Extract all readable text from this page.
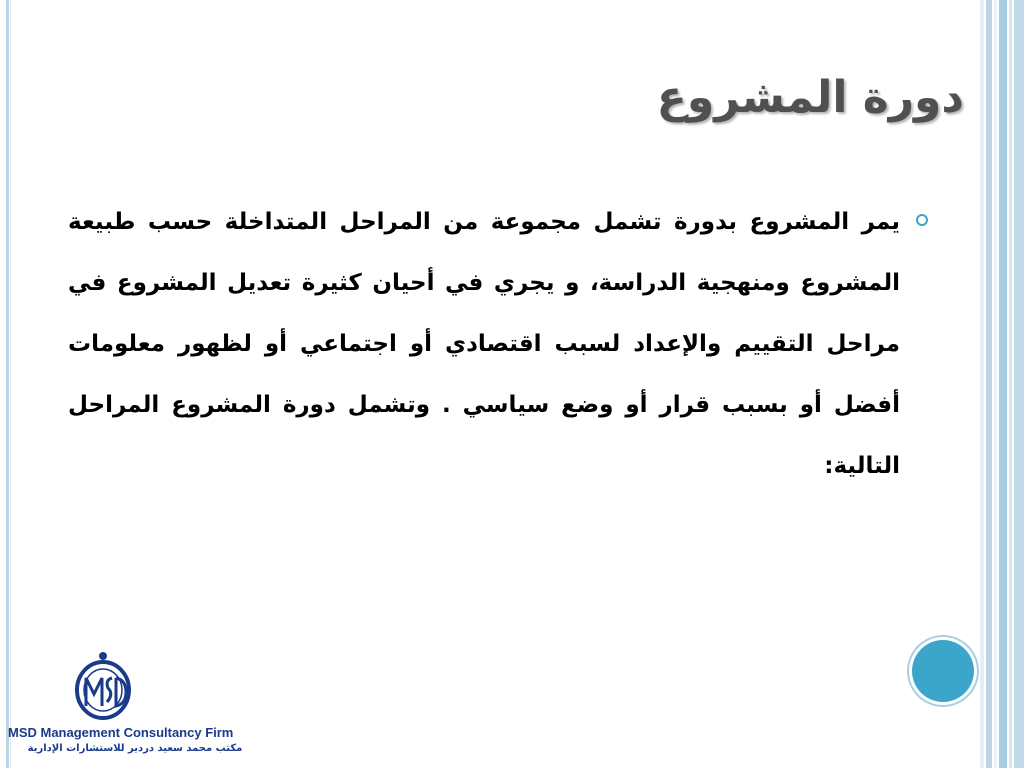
دورة المشروع
يمر المشروع بدورة تشمل مجموعة من المراحل المتداخلة حسب طبيعة المشروع ومنهجية الدراسة، و يجري في أحيان كثيرة تعديل المشروع في مراحل التقييم والإعداد لسبب اقتصادي أو اجتماعي أو لظهور معلومات أفضل أو بسبب قرار أو وضع سياسي . وتشمل دورة المشروع المراحل التالية:
MSD Management Consultancy Firm
مكتب محمد سعيد دردير للاستشارات الإدارية
